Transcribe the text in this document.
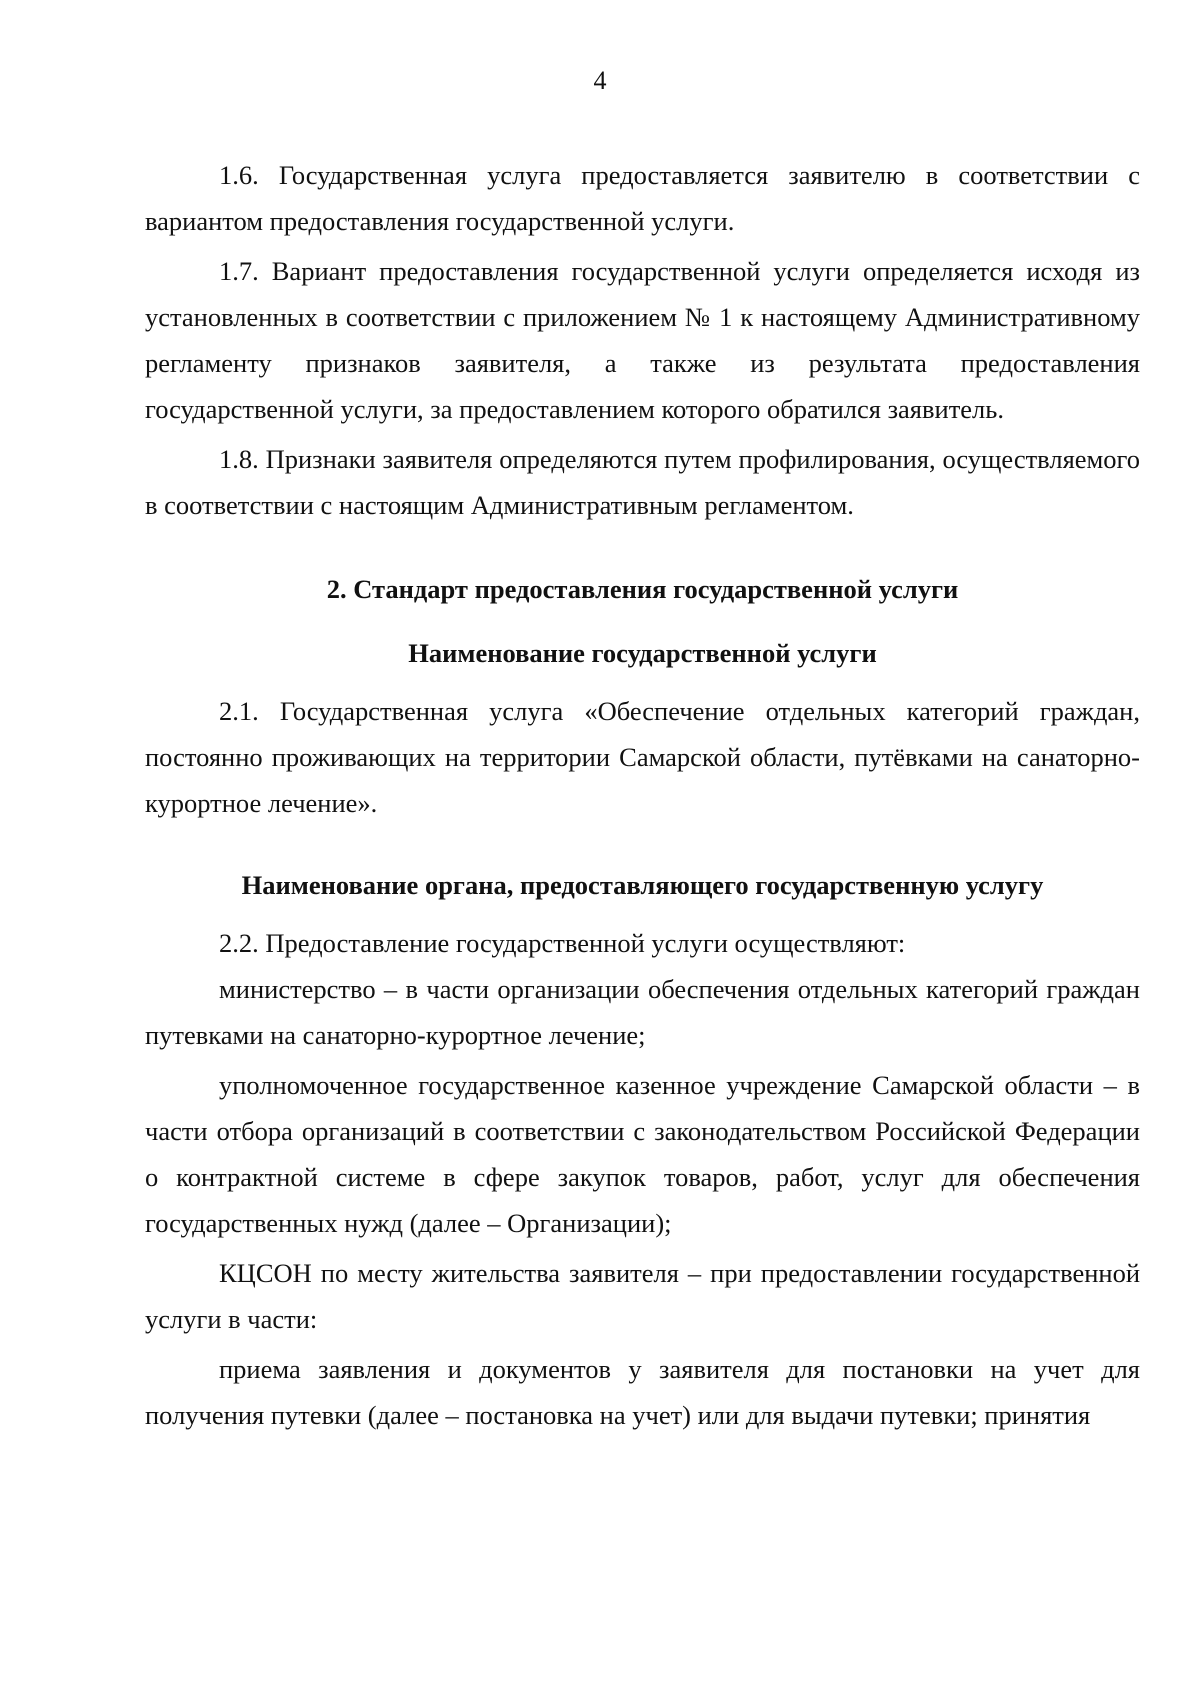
4

1.6. Государственная услуга предоставляется заявителю в соответствии с вариантом предоставления государственной услуги.

1.7. Вариант предоставления государственной услуги определяется исходя из установленных в соответствии с приложением № 1 к настоящему Административному регламенту признаков заявителя, а также из результата предоставления государственной услуги, за предоставлением которого обратился заявитель.

1.8. Признаки заявителя определяются путем профилирования, осуществляемого в соответствии с настоящим Административным регламентом.

2. Стандарт предоставления государственной услуги

Наименование государственной услуги

2.1. Государственная услуга «Обеспечение отдельных категорий граждан, постоянно проживающих на территории Самарской области, путёвками на санаторно-курортное лечение».

Наименование органа, предоставляющего государственную услугу

2.2. Предоставление государственной услуги осуществляют:

министерство – в части организации обеспечения отдельных категорий граждан путевками на санаторно-курортное лечение;

уполномоченное государственное казенное учреждение Самарской области – в части отбора организаций в соответствии с законодательством Российской Федерации о контрактной системе в сфере закупок товаров, работ, услуг для обеспечения государственных нужд (далее – Организации);

КЦСОН по месту жительства заявителя – при предоставлении государственной услуги в части:

приема заявления и документов у заявителя для постановки на учет для получения путевки (далее – постановка на учет) или для выдачи путевки; принятия
